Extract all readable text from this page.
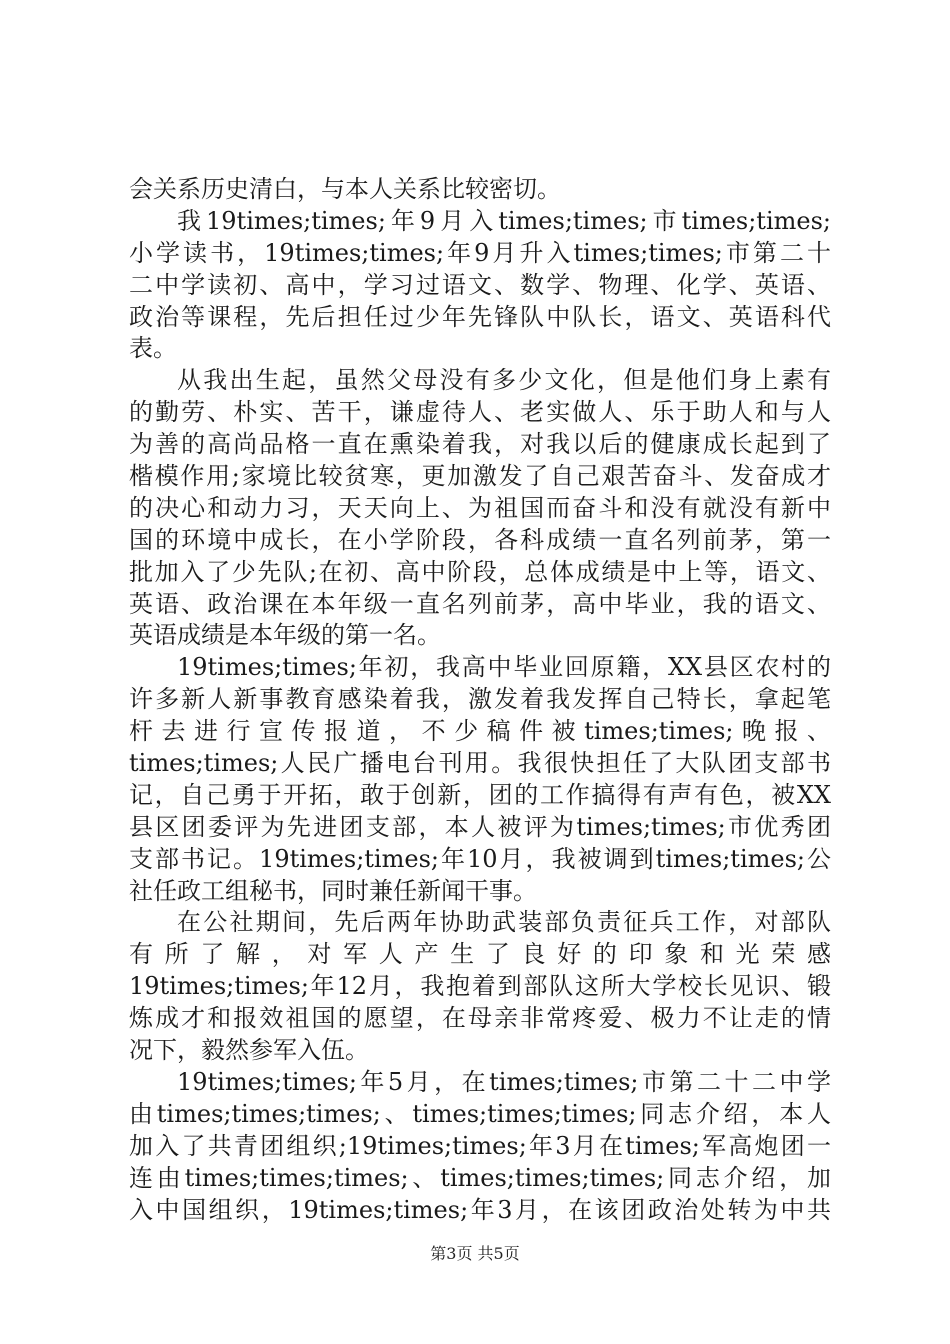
会关系历史清白，与本人关系比较密切。
我19times;times;年9月入times;times;市times;times;
小学读书，19times;times;年9月升入times;times;市第二十
二中学读初、高中，学习过语文、数学、物理、化学、英语、
政治等课程，先后担任过少年先锋队中队长，语文、英语科代
表。
从我出生起，虽然父母没有多少文化，但是他们身上素有
的勤劳、朴实、苦干，谦虚待人、老实做人、乐于助人和与人
为善的高尚品格一直在熏染着我，对我以后的健康成长起到了
楷模作用;家境比较贫寒，更加激发了自己艰苦奋斗、发奋成才
的决心和动力习，天天向上、为祖国而奋斗和没有就没有新中
国的环境中成长，在小学阶段，各科成绩一直名列前茅，第一
批加入了少先队;在初、高中阶段，总体成绩是中上等，语文、
英语、政治课在本年级一直名列前茅，高中毕业，我的语文、
英语成绩是本年级的第一名。
19times;times;年初，我高中毕业回原籍，XX县区农村的
许多新人新事教育感染着我，激发着我发挥自己特长，拿起笔
杆去进行宣传报道，不少稿件被times;times;晚报、
times;times;人民广播电台刊用。我很快担任了大队团支部书
记，自己勇于开拓，敢于创新，团的工作搞得有声有色，被XX
县区团委评为先进团支部，本人被评为times;times;市优秀团
支部书记。19times;times;年10月，我被调到times;times;公
社任政工组秘书，同时兼任新闻干事。
在公社期间，先后两年协助武装部负责征兵工作，对部队
有所了解，对军人产生了良好的印象和光荣感
19times;times;年12月，我抱着到部队这所大学校长见识、锻
炼成才和报效祖国的愿望，在母亲非常疼爱、极力不让走的情
况下，毅然参军入伍。
19times;times;年5月，在times;times;市第二十二中学
由times;times;times;、times;times;times;同志介绍，本人
加入了共青团组织;19times;times;年3月在times;军高炮团一
连由times;times;times;、times;times;times;同志介绍，加
入中国组织，19times;times;年3月，在该团政治处转为中共
第3页 共5页
